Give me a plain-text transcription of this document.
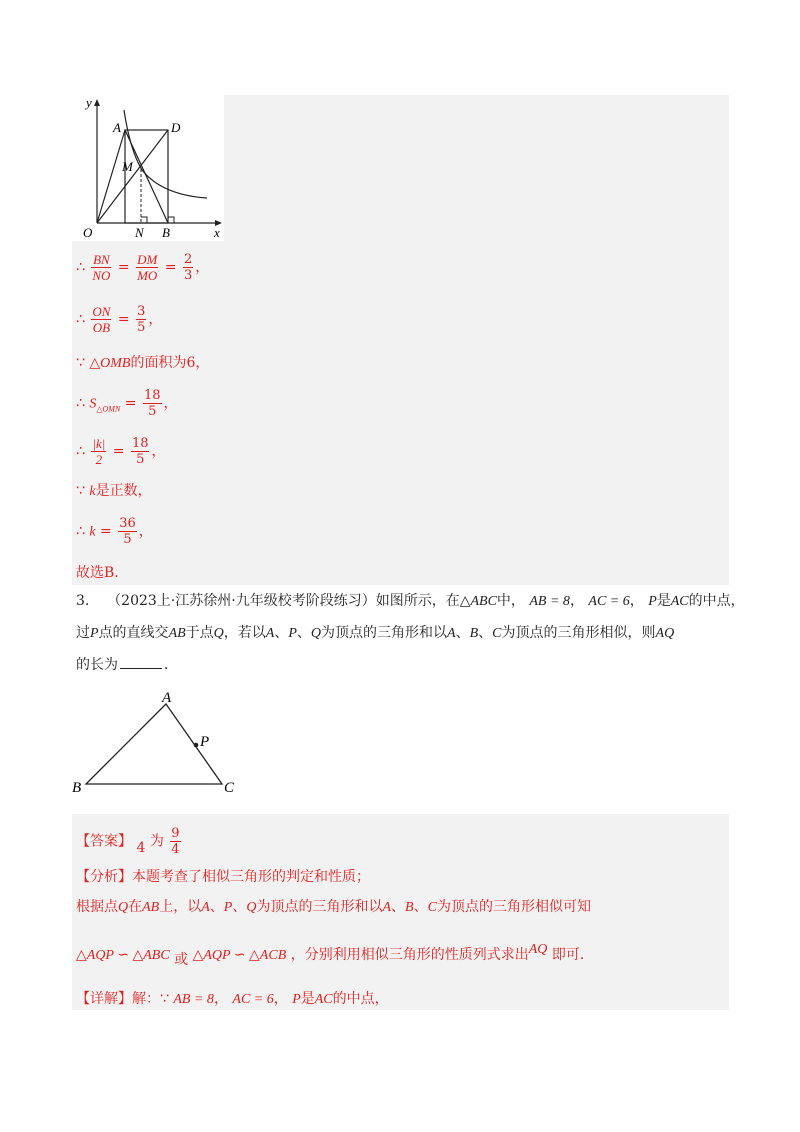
y
x
A	D
M
O	N B
∴ $\frac{BN}{NO} = \frac{DM}{MO} = \frac{2}{3}$ ，
∴ $\frac{ON}{OB} = \frac{3}{5}$ ，
∵ △OMB的面积为6，
∴ $S_{\triangle OMN} = \frac{18}{5}$ ，
∴ $\frac{|k|}{2} = \frac{18}{5}$ ，
∵ k是正数，
∴ $k = \frac{36}{5}$ ，
故选B．
3. （2023上·江苏徐州·九年级校考阶段练习）如图所示，在△ABC中， AB = 8， AC = 6， P是AC的中点，
过P点的直线交AB于点Q，若以A、P、Q为顶点的三角形和以A、B、C为顶点的三角形相似，则AQ
的长为	．
A
P
B	C
【答案】 4 为 $\frac{9}{4}$
【分析】本题考查了相似三角形的判定和性质；
根据点Q在AB上，以A、P、Q为顶点的三角形和以A、B、C为顶点的三角形相似可知
△AQP ∽ △ABC 或 △AQP ∽ △ACB ，分别利用相似三角形的性质列式求出AQ 即可．
【详解】解：∵ AB = 8， AC = 6， P是AC的中点，
